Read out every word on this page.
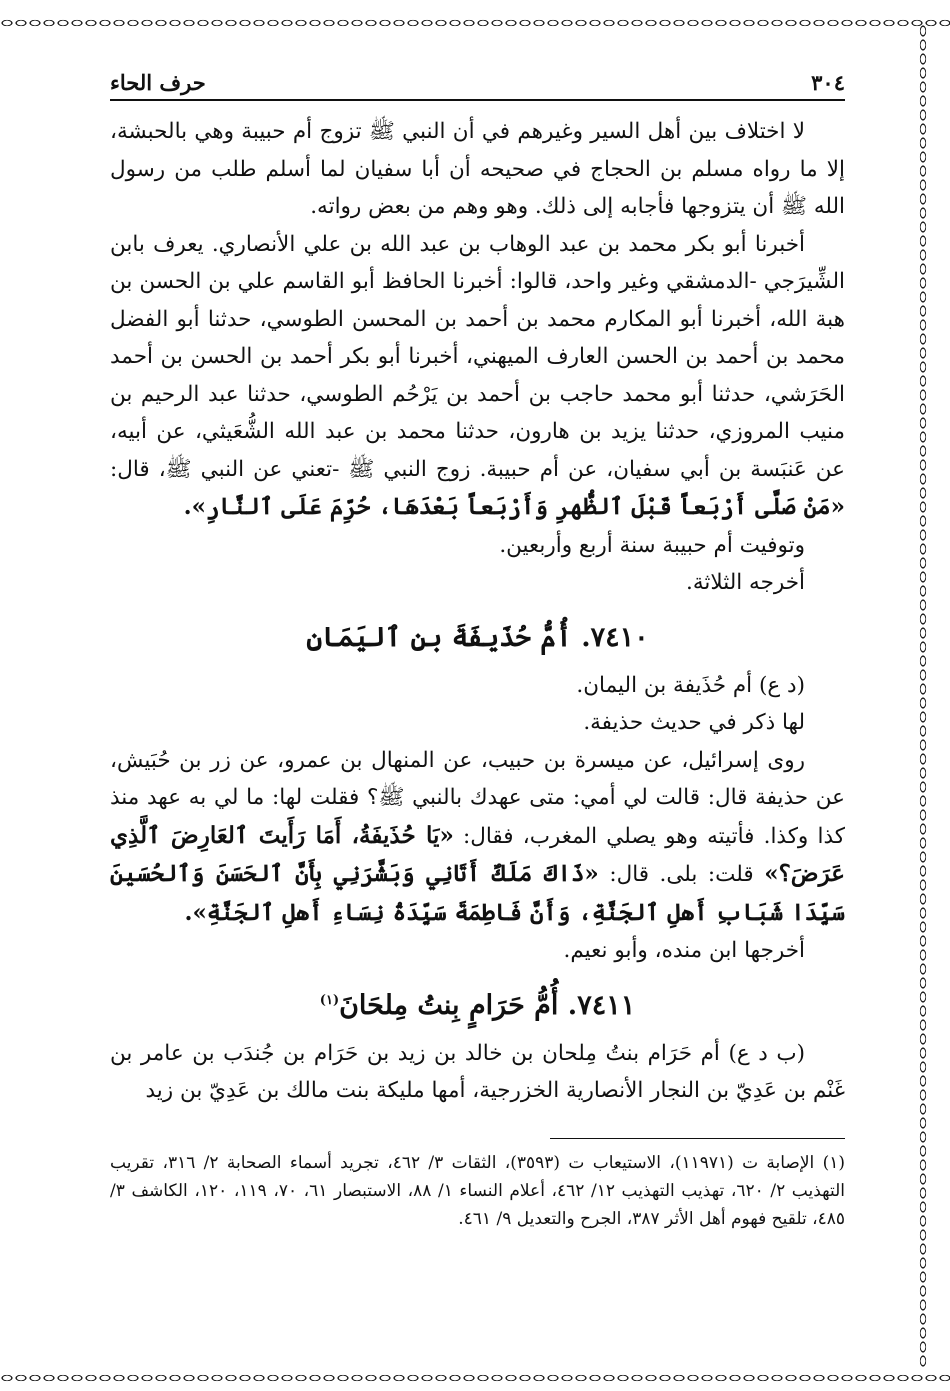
٣٠٤
حرف الحاء

لا اختلاف بين أهل السير وغيرهم في أن النبي ﷺ تزوج أم حبيبة وهي بالحبشة، إلا ما رواه مسلم بن الحجاج في صحيحه أن أبا سفيان لما أسلم طلب من رسول الله ﷺ أن يتزوجها فأجابه إلى ذلك. وهو وهم من بعض رواته.

أخبرنا أبو بكر محمد بن عبد الوهاب بن عبد الله بن علي الأنصاري. يعرف بابن الشِّيرَجي -الدمشقي وغير واحد، قالوا: أخبرنا الحافظ أبو القاسم علي بن الحسن بن هبة الله، أخبرنا أبو المكارم محمد بن أحمد بن المحسن الطوسي، حدثنا أبو الفضل محمد بن أحمد بن الحسن العارف الميهني، أخبرنا أبو بكر أحمد بن الحسن بن أحمد الحَرَشي، حدثنا أبو محمد حاجب بن أحمد بن يَرْحُم الطوسي، حدثنا عبد الرحيم بن منيب المروزي، حدثنا يزيد بن هارون، حدثنا محمد بن عبد الله الشُّعَيثي، عن أبيه، عن عَنبَسة بن أبي سفيان، عن أم حبيبة. زوج النبي ﷺ -تعني عن النبي ﷺ، قال: «مَنْ صَلَّى أَرْبَعاً قَبْلَ ٱلظُّهرِ وَأَرْبَعاً بَعْدَهَا، حُرِّمَ عَلَى ٱلنَّارِ».

وتوفيت أم حبيبة سنة أربع وأربعين.

أخرجه الثلاثة.

٧٤١٠. أُمُّ حُذَيفَةَ بنِ ٱليَمَانِ

(د ع) أم حُذَيفة بن اليمان.

لها ذكر في حديث حذيفة.

روى إسرائيل، عن ميسرة بن حبيب، عن المنهال بن عمرو، عن زر بن حُبَيش، عن حذيفة قال: قالت لي أمي: متى عهدك بالنبي ﷺ؟ فقلت لها: ما لي به عهد منذ كذا وكذا. فأتيته وهو يصلي المغرب، فقال: «يَا حُذَيفَةُ، أَمَا رَأَيتَ ٱلعَارِضَ ٱلَّذِي عَرَضَ؟» قلت: بلى. قال: «ذَاكَ مَلَكٌ أَتَانِي وَبَشَّرَنِي بِأَنَّ ٱلحَسَنَ وَٱلحُسَينَ سَيِّدَا شَبَابِ أَهلِ ٱلجَنَّةِ، وَأَنَّ فَاطِمَةَ سَيِّدَةُ نِسَاءِ أَهلِ ٱلجَنَّةِ».

أخرجها ابن منده، وأبو نعيم.

٧٤١١. أُمُّ حَرَامٍ بِنتُ مِلحَانَ$^{(١)}$

(ب د ع) أم حَرَام بنتُ مِلحان بن خالد بن زيد بن حَرَام بن جُندَب بن عامر بن غَنْم بن عَدِيّ بن النجار الأنصارية الخزرجية، أمها مليكة بنت مالك بن عَدِيّ بن زيد

(١) الإصابة ت (١١٩٧١)، الاستيعاب ت (٣٥٩٣)، الثقات ٣/ ٤٦٢، تجريد أسماء الصحابة ٢/ ٣١٦، تقريب التهذيب ٢/ ٦٢٠، تهذيب التهذيب ١٢/ ٤٦٢، أعلام النساء ١/ ٨٨، الاستبصار ٦١، ٧٠، ١١٩، ١٢٠، الكاشف ٣/ ٤٨٥، تلقيح فهوم أهل الأثر ٣٨٧، الجرح والتعديل ٩/ ٤٦١.
